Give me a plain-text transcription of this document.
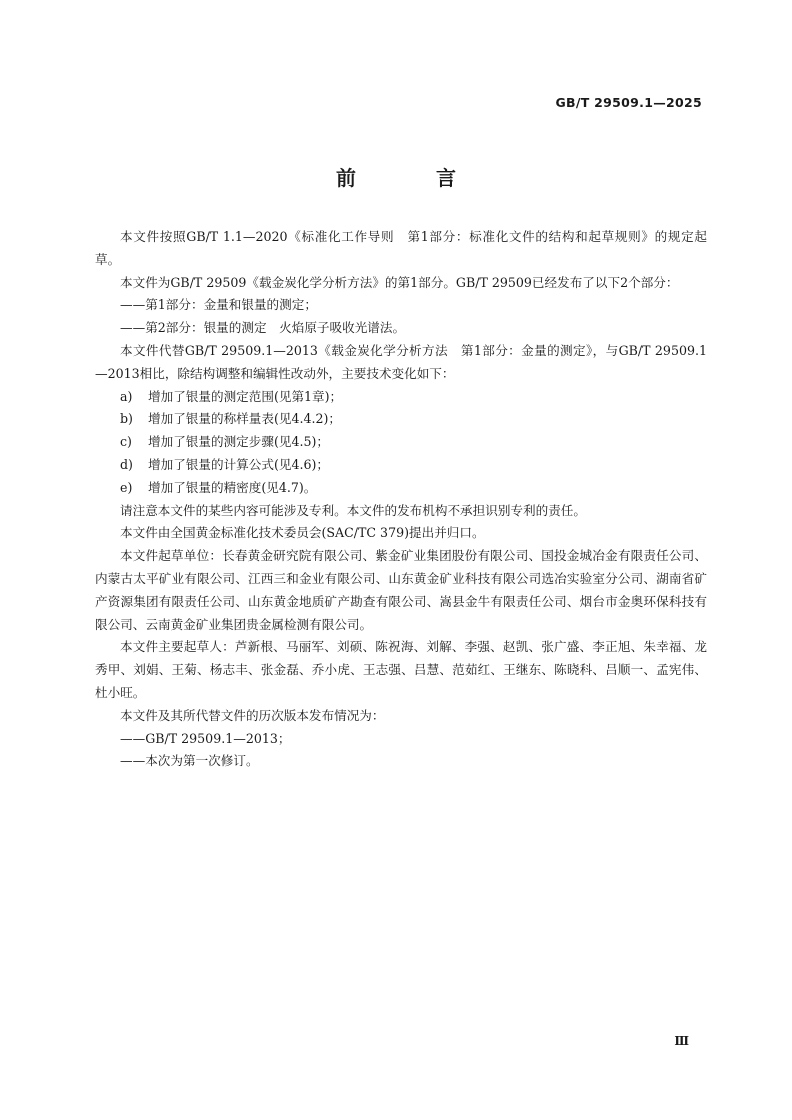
GB/T 29509.1—2025
前　言

本文件按照GB/T 1.1—2020《标准化工作导则　第1部分：标准化文件的结构和起草规则》的规定起草。

本文件为GB/T 29509《载金炭化学分析方法》的第1部分。GB/T 29509已经发布了以下2个部分：

——第1部分：金量和银量的测定；

——第2部分：银量的测定　火焰原子吸收光谱法。

本文件代替GB/T 29509.1—2013《载金炭化学分析方法　第1部分：金量的测定》，与GB/T 29509.1—2013相比，除结构调整和编辑性改动外，主要技术变化如下：

a) 增加了银量的测定范围(见第1章)；

b) 增加了银量的称样量表(见4.4.2)；

c) 增加了银量的测定步骤(见4.5)；

d) 增加了银量的计算公式(见4.6)；

e) 增加了银量的精密度(见4.7)。

请注意本文件的某些内容可能涉及专利。本文件的发布机构不承担识别专利的责任。

本文件由全国黄金标准化技术委员会(SAC/TC 379)提出并归口。

本文件起草单位：长春黄金研究院有限公司、紫金矿业集团股份有限公司、国投金城冶金有限责任公司、内蒙古太平矿业有限公司、江西三和金业有限公司、山东黄金矿业科技有限公司选冶实验室分公司、湖南省矿产资源集团有限责任公司、山东黄金地质矿产勘查有限公司、嵩县金牛有限责任公司、烟台市金奥环保科技有限公司、云南黄金矿业集团贵金属检测有限公司。

本文件主要起草人：芦新根、马丽军、刘硕、陈祝海、刘解、李强、赵凯、张广盛、李正旭、朱幸福、龙秀甲、刘娟、王菊、杨志丰、张金磊、乔小虎、王志强、吕慧、范茹红、王继东、陈晓科、吕顺一、孟宪伟、杜小旺。

本文件及其所代替文件的历次版本发布情况为：

——GB/T 29509.1—2013；

——本次为第一次修订。

Ⅲ
